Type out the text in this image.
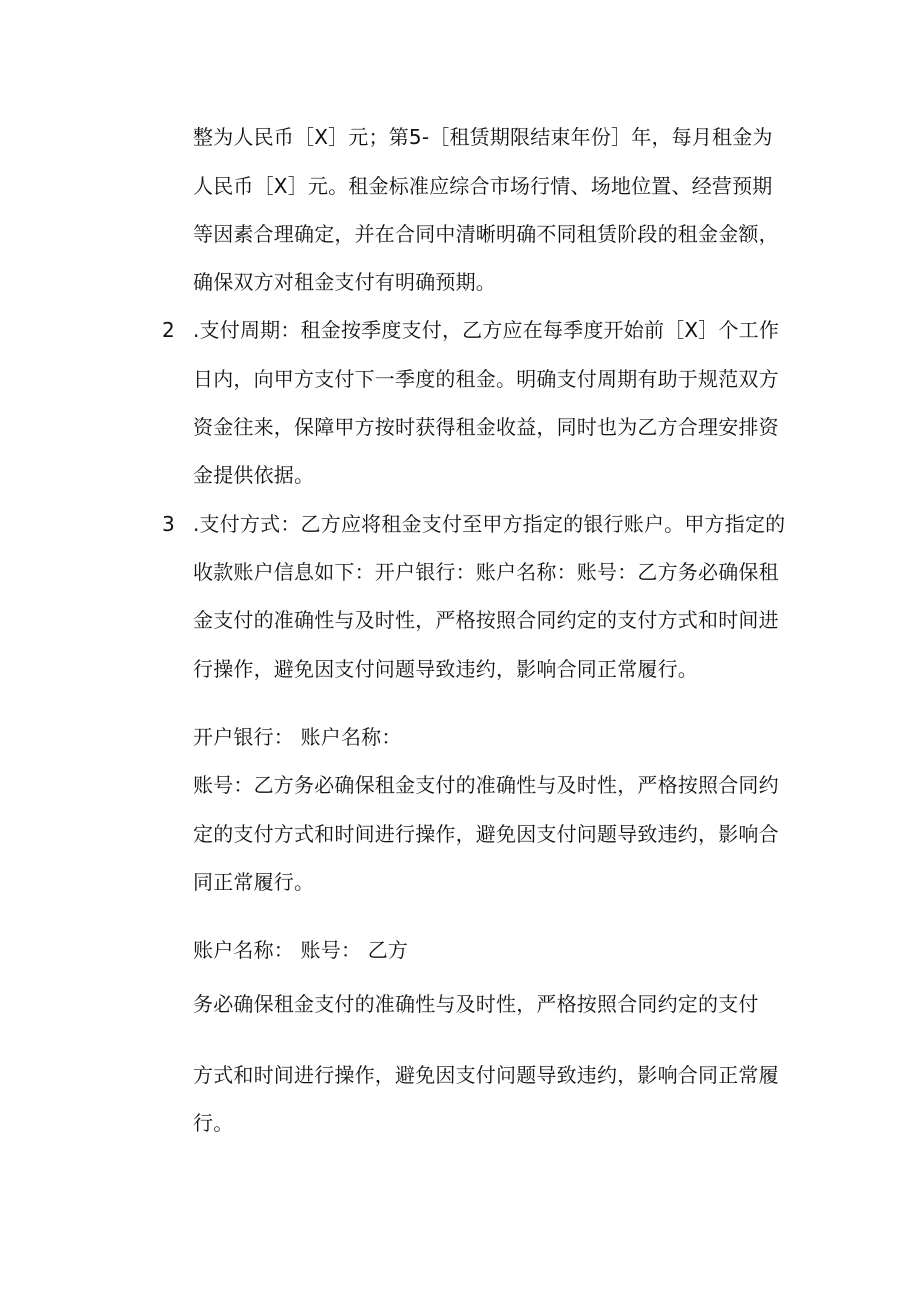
整为人民币［X］元；第5-［租赁期限结束年份］年，每月租金为
人民币［X］元。租金标准应综合市场行情、场地位置、经营预期
等因素合理确定，并在合同中清晰明确不同租赁阶段的租金金额，
确保双方对租金支付有明确预期。
2 .支付周期：租金按季度支付，乙方应在每季度开始前［X］个工作
日内，向甲方支付下一季度的租金。明确支付周期有助于规范双方
资金往来，保障甲方按时获得租金收益，同时也为乙方合理安排资
金提供依据。
3 .支付方式：乙方应将租金支付至甲方指定的银行账户。甲方指定的
收款账户信息如下：开户银行：账户名称：账号：乙方务必确保租
金支付的准确性与及时性，严格按照合同约定的支付方式和时间进
行操作，避免因支付问题导致违约，影响合同正常履行。
开户银行： 账户名称：
账号：乙方务必确保租金支付的准确性与及时性，严格按照合同约
定的支付方式和时间进行操作，避免因支付问题导致违约，影响合
同正常履行。
账户名称： 账号： 乙方
务必确保租金支付的准确性与及时性，严格按照合同约定的支付
方式和时间进行操作，避免因支付问题导致违约，影响合同正常履
行。
